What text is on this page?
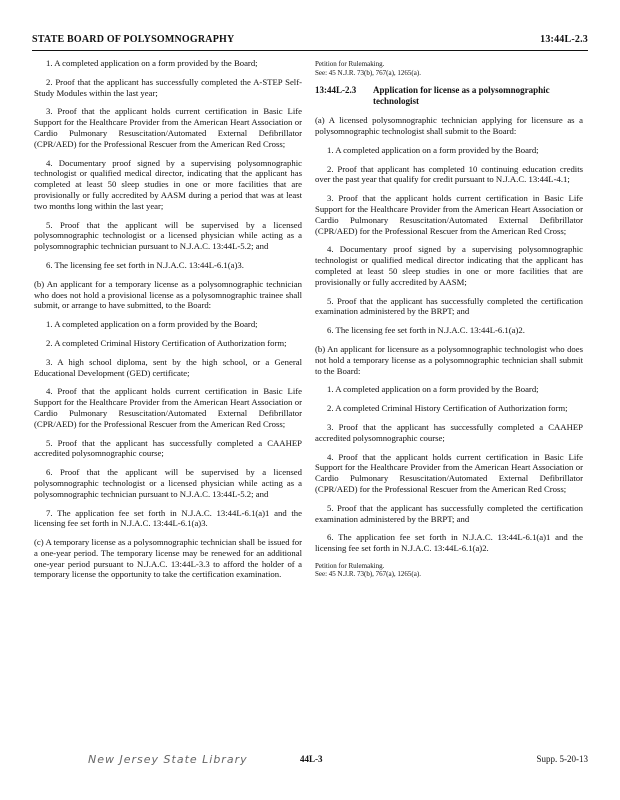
STATE BOARD OF POLYSOMNOGRAPHY	13:44L-2.3

1. A completed application on a form provided by the Board;

2. Proof that the applicant has successfully completed the A-STEP Self-Study Modules within the last year;

3. Proof that the applicant holds current certification in Basic Life Support for the Healthcare Provider from the American Heart Association or Cardio Pulmonary Resuscitation/Automated External Defibrillator (CPR/AED) for the Professional Rescuer from the American Red Cross;

4. Documentary proof signed by a supervising polysomnographic technologist or qualified medical director, indicating that the applicant has completed at least 50 sleep studies in one or more facilities that are provisionally or fully accredited by AASM during a period that was at least two months long within the last year;

5. Proof that the applicant will be supervised by a licensed polysomnographic technologist or a licensed physician while acting as a polysomnographic technician pursuant to N.J.A.C. 13:44L-5.2; and

6. The licensing fee set forth in N.J.A.C. 13:44L-6.1(a)3.

(b) An applicant for a temporary license as a polysomnographic technician who does not hold a provisional license as a polysomnographic trainee shall submit, or arrange to have submitted, to the Board:

1. A completed application on a form provided by the Board;

2. A completed Criminal History Certification of Authorization form;

3. A high school diploma, sent by the high school, or a General Educational Development (GED) certificate;

4. Proof that the applicant holds current certification in Basic Life Support for the Healthcare Provider from the American Heart Association or Cardio Pulmonary Resuscitation/Automated External Defibrillator (CPR/AED) for the Professional Rescuer from the American Red Cross;

5. Proof that the applicant has successfully completed a CAAHEP accredited polysomnographic course;

6. Proof that the applicant will be supervised by a licensed polysomnographic technologist or a licensed physician while acting as a polysomnographic technician pursuant to N.J.A.C. 13:44L-5.2; and

7. The application fee set forth in N.J.A.C. 13:44L-6.1(a)1 and the licensing fee set forth in N.J.A.C. 13:44L-6.1(a)3.

(c) A temporary license as a polysomnographic technician shall be issued for a one-year period. The temporary license may be renewed for an additional one-year period pursuant to N.J.A.C. 13:44L-3.3 to afford the holder of a temporary license the opportunity to take the certification examination.

Petition for Rulemaking.
See: 45 N.J.R. 73(b), 767(a), 1265(a).
13:44L-2.3	Application for license as a polysomnographic technologist

(a) A licensed polysomnographic technician applying for licensure as a polysomnographic technologist shall submit to the Board:

1. A completed application on a form provided by the Board;

2. Proof that applicant has completed 10 continuing education credits over the past year that qualify for credit pursuant to N.J.A.C. 13:44L-4.1;

3. Proof that the applicant holds current certification in Basic Life Support for the Healthcare Provider from the American Heart Association or Cardio Pulmonary Resuscitation/Automated External Defibrillator (CPR/AED) for the Professional Rescuer from the American Red Cross;

4. Documentary proof signed by a supervising polysomnographic technologist or qualified medical director indicating that the applicant has completed at least 50 sleep studies in one or more facilities that are provisionally or fully accredited by AASM;

5. Proof that the applicant has successfully completed the certification examination administered by the BRPT; and

6. The licensing fee set forth in N.J.A.C. 13:44L-6.1(a)2.

(b) An applicant for licensure as a polysomnographic technologist who does not hold a temporary license as a polysomnographic technician shall submit to the Board:

1. A completed application on a form provided by the Board;

2. A completed Criminal History Certification of Authorization form;

3. Proof that the applicant has successfully completed a CAAHEP accredited polysomnographic course;

4. Proof that the applicant holds current certification in Basic Life Support for the Healthcare Provider from the American Heart Association or Cardio Pulmonary Resuscitation/Automated External Defibrillator (CPR/AED) for the Professional Rescuer from the American Red Cross;

5. Proof that the applicant has successfully completed the certification examination administered by the BRPT; and

6. The application fee set forth in N.J.A.C. 13:44L-6.1(a)1 and the licensing fee set forth in N.J.A.C. 13:44L-6.1(a)2.

Petition for Rulemaking.
See: 45 N.J.R. 73(b), 767(a), 1265(a).
New Jersey State Library	44L-3	Supp. 5-20-13
